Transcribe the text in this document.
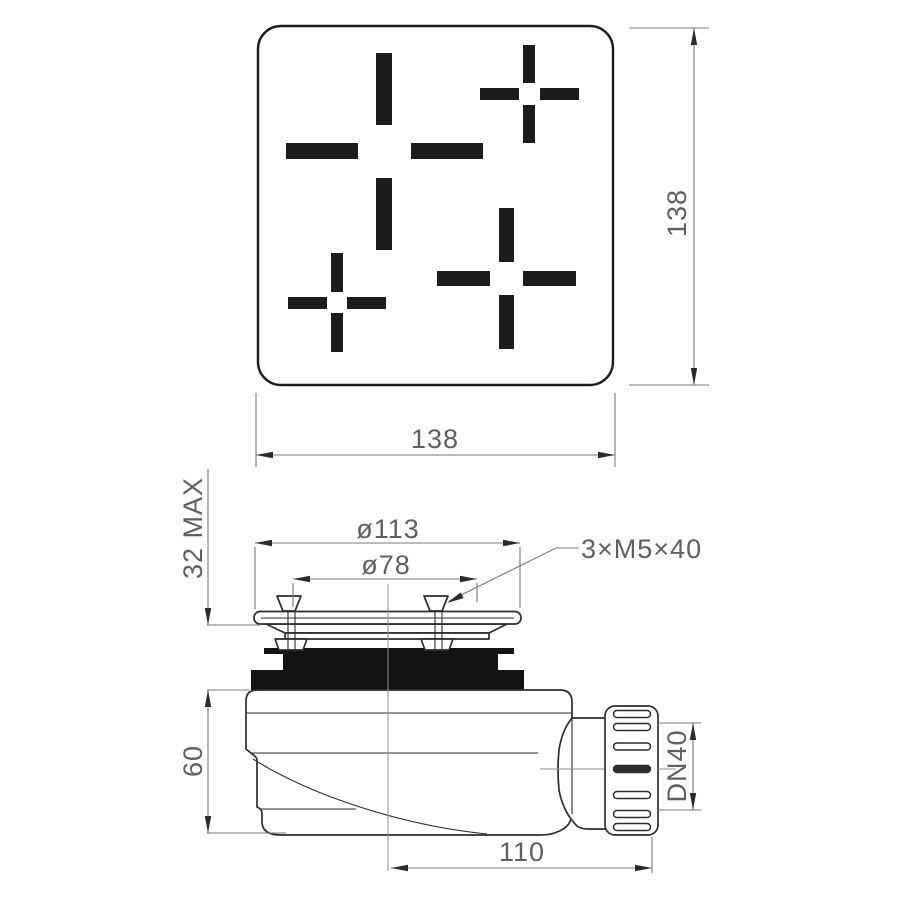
138
138
ø113
ø78
3×M5×40
32 MAX
60	DN40
110
